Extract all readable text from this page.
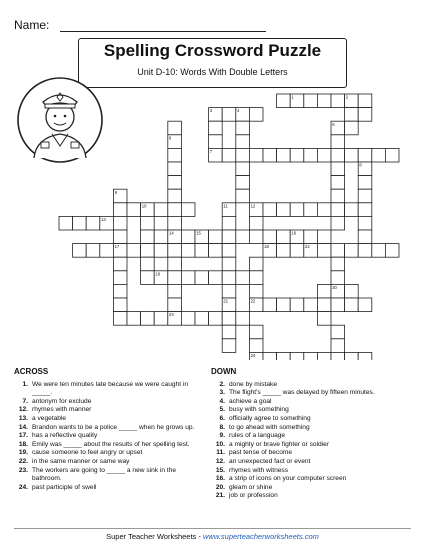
Name:
Spelling Crossword Puzzle
Unit D-10: Words With Double Letters
1	2
3	4
5
6
7
8
9
10	11	12
13
14	15	16
17	18	22
19
20
21	22
23
24
ACROSS
1. We were ten minutes late because we were caught in _____.
7. antonym for exclude
12. rhymes with manner
13. a vegetable
14. Brandon wants to be a police _____ when he grows up.
17. has a reflective quality
18. Emily was _____ about the results of her spelling test.
19. cause someone to feel angry or upset
22. in the same manner or same way
23. The workers are going to _____ a new sink in the bathroom.
24. past participle of swell
DOWN
2. done by mistake
3. The flight's _____ was delayed by fifteen minutes.
4. achieve a goal
5. busy with something
6. officially agree to something
8. to go ahead with something
9. rules of a language
10. a mighty or brave fighter or soldier
11. past tense of become
12. an unexpected fact or event
15. rhymes with witness
16. a strip of icons on your computer screen
20. gleam or shine
21. job or profession
Super Teacher Worksheets - www.superteacherworksheets.com
